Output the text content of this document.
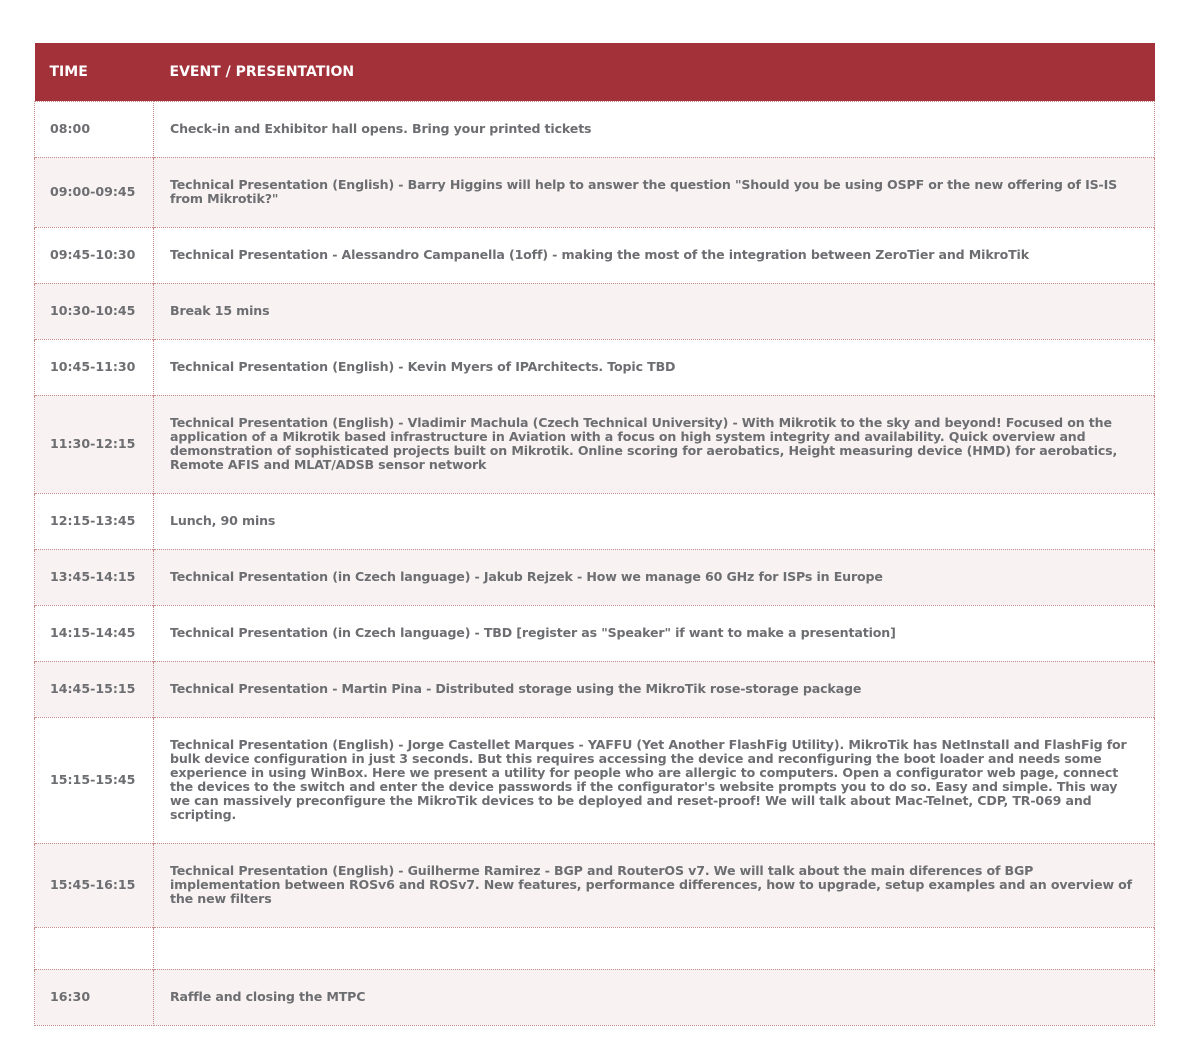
TIME	EVENT / PRESENTATION
08:00	Check-in and Exhibitor hall opens. Bring your printed tickets
09:00-09:45	Technical Presentation (English) - Barry Higgins will help to answer the question "Should you be using OSPF or the new offering of IS-IS from Mikrotik?"
09:45-10:30	Technical Presentation - Alessandro Campanella (1off) - making the most of the integration between ZeroTier and MikroTik
10:30-10:45	Break 15 mins
10:45-11:30	Technical Presentation (English) - Kevin Myers of IPArchitects. Topic TBD
11:30-12:15	Technical Presentation (English) - Vladimir Machula (Czech Technical University) - With Mikrotik to the sky and beyond! Focused on the application of a Mikrotik based infrastructure in Aviation with a focus on high system integrity and availability. Quick overview and demonstration of sophisticated projects built on Mikrotik. Online scoring for aerobatics, Height measuring device (HMD) for aerobatics, Remote AFIS and MLAT/ADSB sensor network
12:15-13:45	Lunch, 90 mins
13:45-14:15	Technical Presentation (in Czech language) - Jakub Rejzek - How we manage 60 GHz for ISPs in Europe
14:15-14:45	Technical Presentation (in Czech language) - TBD [register as "Speaker" if want to make a presentation]
14:45-15:15	Technical Presentation - Martin Pina - Distributed storage using the MikroTik rose-storage package
15:15-15:45	Technical Presentation (English) - Jorge Castellet Marques - YAFFU (Yet Another FlashFig Utility). MikroTik has NetInstall and FlashFig for bulk device configuration in just 3 seconds. But this requires accessing the device and reconfiguring the boot loader and needs some experience in using WinBox. Here we present a utility for people who are allergic to computers. Open a configurator web page, connect the devices to the switch and enter the device passwords if the configurator's website prompts you to do so. Easy and simple. This way we can massively preconfigure the MikroTik devices to be deployed and reset-proof! We will talk about Mac-Telnet, CDP, TR-069 and scripting.
15:45-16:15	Technical Presentation (English) - Guilherme Ramirez - BGP and RouterOS v7. We will talk about the main diferences of BGP implementation between ROSv6 and ROSv7. New features, performance differences, how to upgrade, setup examples and an overview of the new filters

16:30	Raffle and closing the MTPC
